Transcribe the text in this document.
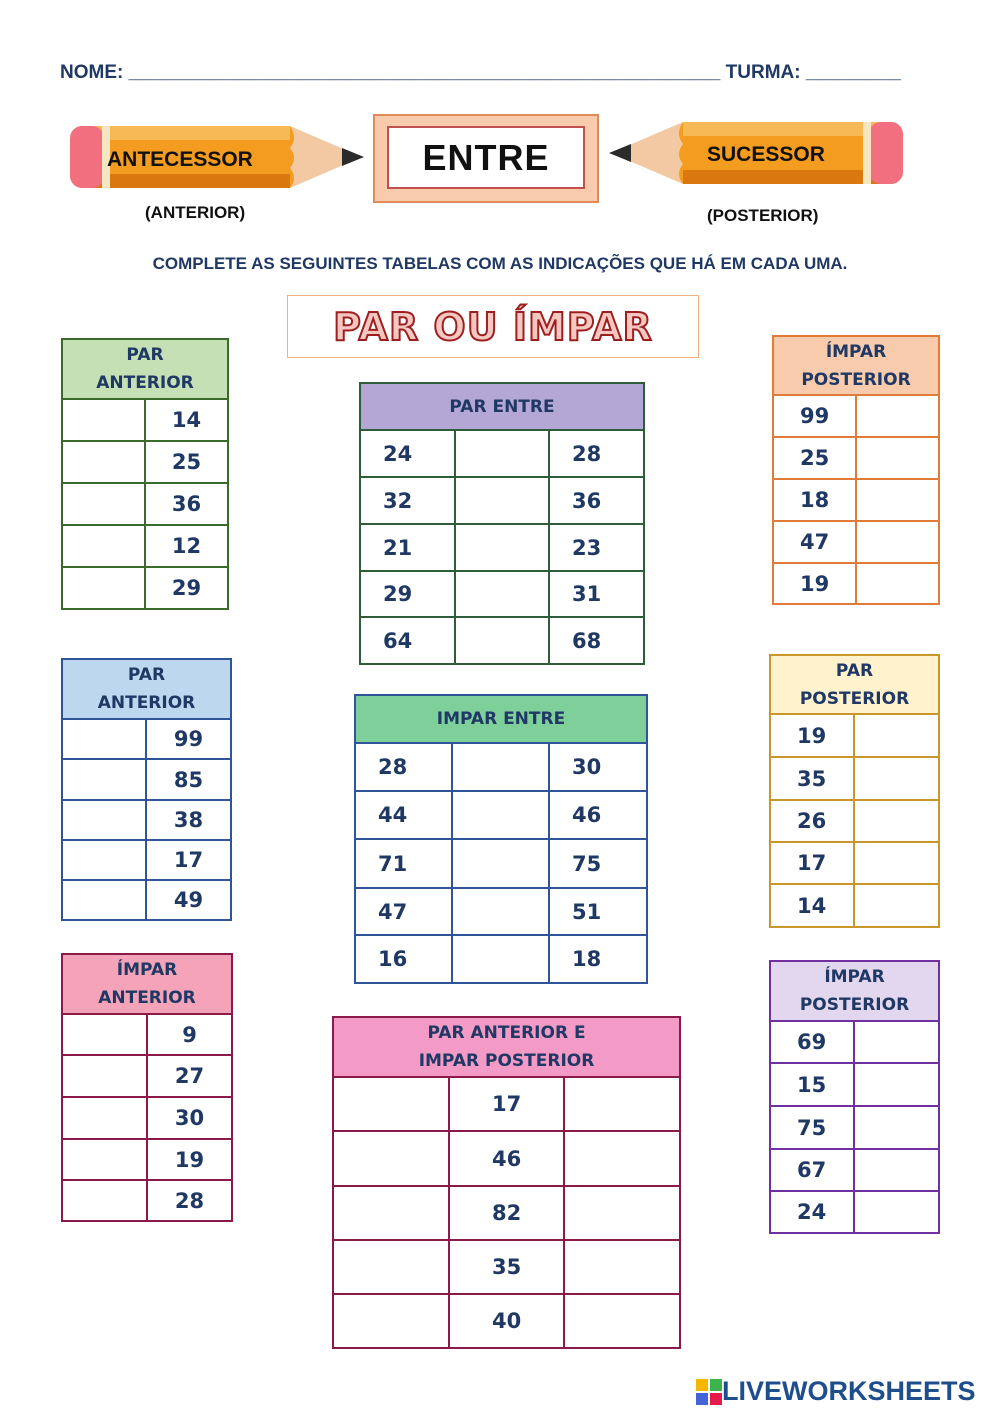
NOME: ________________________________________________________ TURMA: _________
ANTECESSOR
(ANTERIOR)
ENTRE	SUCESSOR
(POSTERIOR)
COMPLETE AS SEGUINTES TABELAS COM AS INDICAÇÕES QUE HÁ EM CADA UMA.
PAR OU ÍMPAR
PAR
ANTERIOR	
	14
	25
	36
	12
	29
PAR
ANTERIOR	
	99
	85
	38
	17
	49
ÍMPAR
ANTERIOR	
	9
	27
	30
	19
	28
PAR ENTRE		
24		28
32		36
21		23
29		31
64		68
IMPAR ENTRE		
28		30
44		46
71		75
47		51
16		18
PAR ANTERIOR E
IMPAR POSTERIOR		
	17	
	46	
	82	
	35	
	40	
ÍMPAR
POSTERIOR	
99	
25	
18	
47	
19	
PAR
POSTERIOR	
19	
35	
26	
17	
14	
ÍMPAR
POSTERIOR	
69	
15	
75	
67	
24	
LIVEWORKSHEETS
